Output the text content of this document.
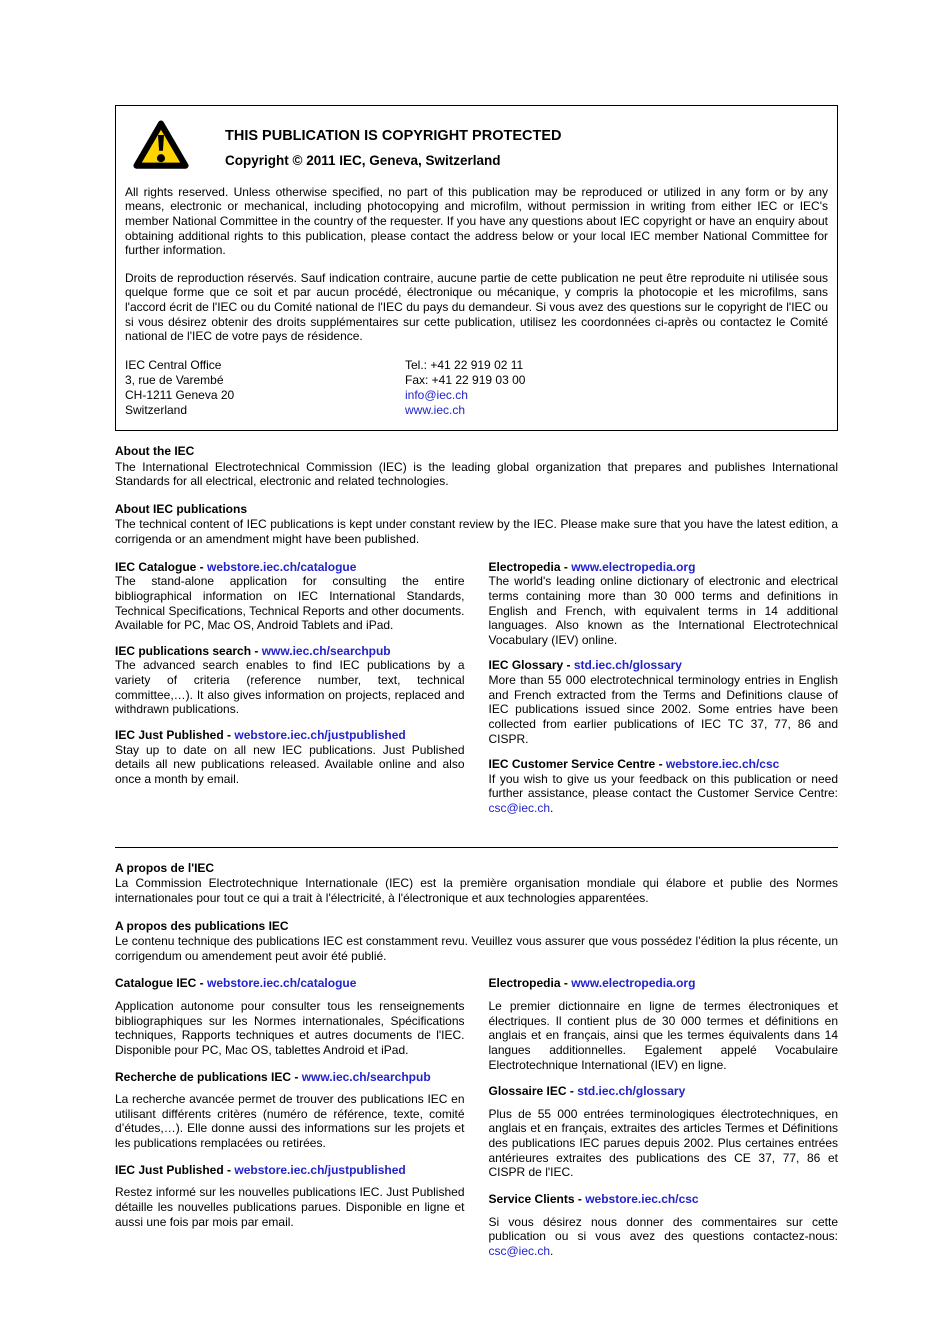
THIS PUBLICATION IS COPYRIGHT PROTECTED
Copyright © 2011 IEC, Geneva, Switzerland

All rights reserved. Unless otherwise specified, no part of this publication may be reproduced or utilized in any form or by any means, electronic or mechanical, including photocopying and microfilm, without permission in writing from either IEC or IEC's member National Committee in the country of the requester. If you have any questions about IEC copyright or have an enquiry about obtaining additional rights to this publication, please contact the address below or your local IEC member National Committee for further information.

Droits de reproduction réservés. Sauf indication contraire, aucune partie de cette publication ne peut être reproduite ni utilisée sous quelque forme que ce soit et par aucun procédé, électronique ou mécanique, y compris la photocopie et les microfilms, sans l'accord écrit de l'IEC ou du Comité national de l'IEC du pays du demandeur. Si vous avez des questions sur le copyright de l'IEC ou si vous désirez obtenir des droits supplémentaires sur cette publication, utilisez les coordonnées ci-après ou contactez le Comité national de l'IEC de votre pays de résidence.

IEC Central Office
3, rue de Varembé
CH-1211 Geneva 20
Switzerland
Tel.: +41 22 919 02 11
Fax: +41 22 919 03 00
info@iec.ch
www.iec.ch
About the IEC

The International Electrotechnical Commission (IEC) is the leading global organization that prepares and publishes International Standards for all electrical, electronic and related technologies.

About IEC publications

The technical content of IEC publications is kept under constant review by the IEC. Please make sure that you have the latest edition, a corrigenda or an amendment might have been published.

IEC Catalogue - webstore.iec.ch/catalogue

The stand-alone application for consulting the entire bibliographical information on IEC International Standards, Technical Specifications, Technical Reports and other documents. Available for PC, Mac OS, Android Tablets and iPad.

IEC publications search - www.iec.ch/searchpub

The advanced search enables to find IEC publications by a variety of criteria (reference number, text, technical committee,…). It also gives information on projects, replaced and withdrawn publications.

IEC Just Published - webstore.iec.ch/justpublished

Stay up to date on all new IEC publications. Just Published details all new publications released. Available online and also once a month by email.

Electropedia - www.electropedia.org

The world's leading online dictionary of electronic and electrical terms containing more than 30 000 terms and definitions in English and French, with equivalent terms in 14 additional languages. Also known as the International Electrotechnical Vocabulary (IEV) online.

IEC Glossary - std.iec.ch/glossary

More than 55 000 electrotechnical terminology entries in English and French extracted from the Terms and Definitions clause of IEC publications issued since 2002. Some entries have been collected from earlier publications of IEC TC 37, 77, 86 and CISPR.

IEC Customer Service Centre - webstore.iec.ch/csc

If you wish to give us your feedback on this publication or need further assistance, please contact the Customer Service Centre: csc@iec.ch.

A propos de l'IEC

La Commission Electrotechnique Internationale (IEC) est la première organisation mondiale qui élabore et publie des Normes internationales pour tout ce qui a trait à l'électricité, à l'électronique et aux technologies apparentées.

A propos des publications IEC

Le contenu technique des publications IEC est constamment revu. Veuillez vous assurer que vous possédez l’édition la plus récente, un corrigendum ou amendement peut avoir été publié.

Catalogue IEC - webstore.iec.ch/catalogue

Application autonome pour consulter tous les renseignements bibliographiques sur les Normes internationales, Spécifications techniques, Rapports techniques et autres documents de l'IEC. Disponible pour PC, Mac OS, tablettes Android et iPad.

Recherche de publications IEC - www.iec.ch/searchpub

La recherche avancée permet de trouver des publications IEC en utilisant différents critères (numéro de référence, texte, comité d’études,…). Elle donne aussi des informations sur les projets et les publications remplacées ou retirées.

IEC Just Published - webstore.iec.ch/justpublished

Restez informé sur les nouvelles publications IEC. Just Published détaille les nouvelles publications parues. Disponible en ligne et aussi une fois par mois par email.

Electropedia - www.electropedia.org

Le premier dictionnaire en ligne de termes électroniques et électriques. Il contient plus de 30 000 termes et définitions en anglais et en français, ainsi que les termes équivalents dans 14 langues additionnelles. Egalement appelé Vocabulaire Electrotechnique International (IEV) en ligne.

Glossaire IEC - std.iec.ch/glossary

Plus de 55 000 entrées terminologiques électrotechniques, en anglais et en français, extraites des articles Termes et Définitions des publications IEC parues depuis 2002. Plus certaines entrées antérieures extraites des publications des CE 37, 77, 86 et CISPR de l'IEC.

Service Clients - webstore.iec.ch/csc

Si vous désirez nous donner des commentaires sur cette publication ou si vous avez des questions contactez-nous: csc@iec.ch.
